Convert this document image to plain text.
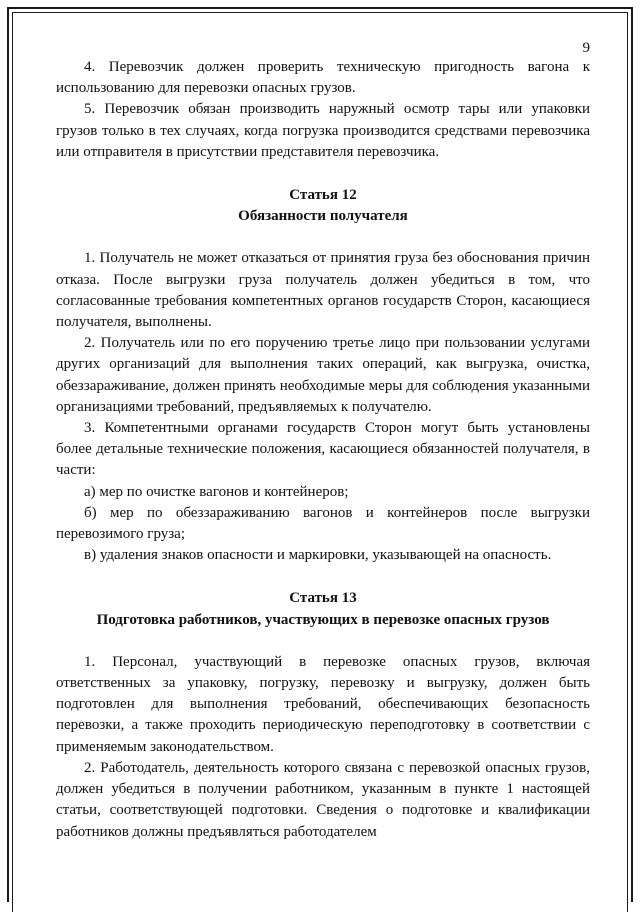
9

4. Перевозчик должен проверить техническую пригодность вагона к использованию для перевозки опасных грузов.

5. Перевозчик обязан производить наружный осмотр тары или упаковки грузов только в тех случаях, когда погрузка производится средствами перевозчика или отправителя в присутствии представителя перевозчика.

Статья 12
Обязанности получателя

1. Получатель не может отказаться от принятия груза без обоснования причин отказа. После выгрузки груза получатель должен убедиться в том, что согласованные требования компетентных органов государств Сторон, касающиеся получателя, выполнены.

2. Получатель или по его поручению третье лицо при пользовании услугами других организаций для выполнения таких операций, как выгрузка, очистка, обеззараживание, должен принять необходимые меры для соблюдения указанными организациями требований, предъявляемых к получателю.

3. Компетентными органами государств Сторон могут быть установлены более детальные технические положения, касающиеся обязанностей получателя, в части:

а) мер по очистке вагонов и контейнеров;

б) мер по обеззараживанию вагонов и контейнеров после выгрузки перевозимого груза;

в) удаления знаков опасности и маркировки, указывающей на опасность.

Статья 13
Подготовка работников, участвующих в перевозке опасных грузов

1. Персонал, участвующий в перевозке опасных грузов, включая ответственных за упаковку, погрузку, перевозку и выгрузку, должен быть подготовлен для выполнения требований, обеспечивающих безопасность перевозки, а также проходить периодическую переподготовку в соответствии с применяемым законодательством.

2. Работодатель, деятельность которого связана с перевозкой опасных грузов, должен убедиться в получении работником, указанным в пункте 1 настоящей статьи, соответствующей подготовки. Сведения о подготовке и квалификации работников должны предъявляться работодателем
